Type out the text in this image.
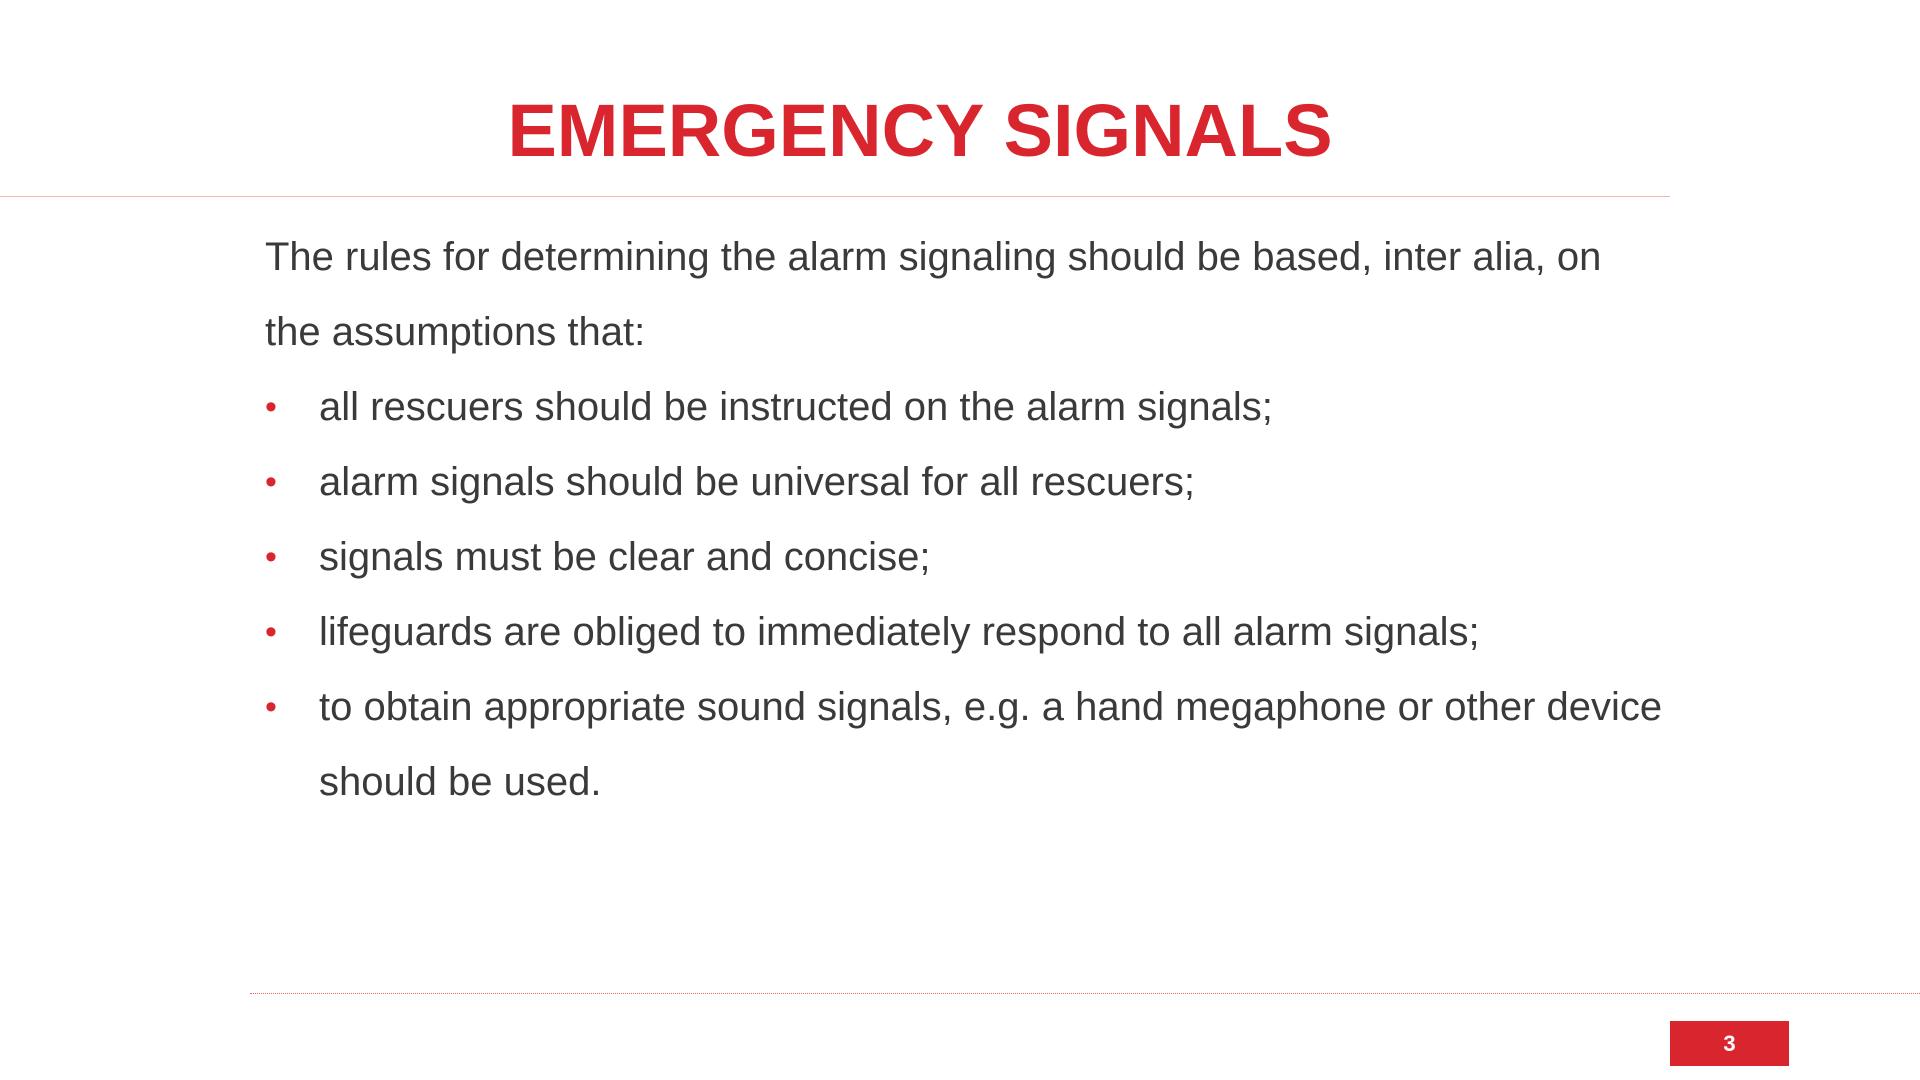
EMERGENCY SIGNALS

The rules for determining the alarm signaling should be based, inter alia, on the assumptions that:

• all rescuers should be instructed on the alarm signals;
• alarm signals should be universal for all rescuers;
• signals must be clear and concise;
• lifeguards are obliged to immediately respond to all alarm signals;
• to obtain appropriate sound signals, e.g. a hand megaphone or other device should be used.
3
